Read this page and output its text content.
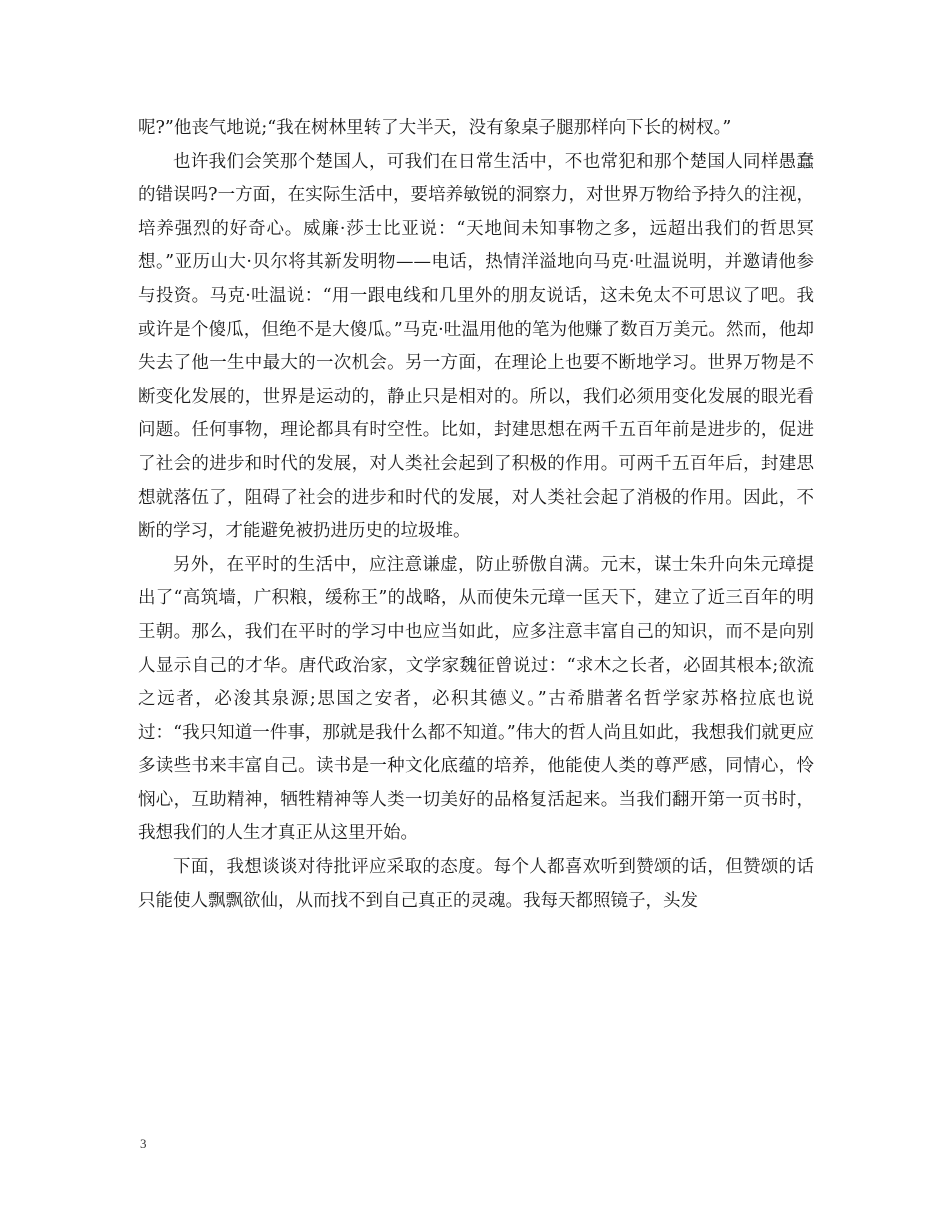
呢?”他丧气地说;“我在树林里转了大半天，没有象桌子腿那样向下长的树杈。”

也许我们会笑那个楚国人，可我们在日常生活中，不也常犯和那个楚国人同样愚蠢的错误吗?一方面，在实际生活中，要培养敏锐的洞察力，对世界万物给予持久的注视，培养强烈的好奇心。威廉·莎士比亚说：“天地间未知事物之多，远超出我们的哲思冥想。”亚历山大·贝尔将其新发明物——电话，热情洋溢地向马克·吐温说明，并邀请他参与投资。马克·吐温说：“用一跟电线和几里外的朋友说话，这未免太不可思议了吧。我或许是个傻瓜，但绝不是大傻瓜。”马克·吐温用他的笔为他赚了数百万美元。然而，他却失去了他一生中最大的一次机会。另一方面，在理论上也要不断地学习。世界万物是不断变化发展的，世界是运动的，静止只是相对的。所以，我们必须用变化发展的眼光看问题。任何事物，理论都具有时空性。比如，封建思想在两千五百年前是进步的，促进了社会的进步和时代的发展，对人类社会起到了积极的作用。可两千五百年后，封建思想就落伍了，阻碍了社会的进步和时代的发展，对人类社会起了消极的作用。因此，不断的学习，才能避免被扔进历史的垃圾堆。

另外，在平时的生活中，应注意谦虚，防止骄傲自满。元末，谋士朱升向朱元璋提出了“高筑墙，广积粮，缓称王”的战略，从而使朱元璋一匡天下，建立了近三百年的明王朝。那么，我们在平时的学习中也应当如此，应多注意丰富自己的知识，而不是向别人显示自己的才华。唐代政治家，文学家魏征曾说过：“求木之长者，必固其根本;欲流之远者，必浚其泉源;思国之安者，必积其德义。”古希腊著名哲学家苏格拉底也说过：“我只知道一件事，那就是我什么都不知道。”伟大的哲人尚且如此，我想我们就更应多读些书来丰富自己。读书是一种文化底蕴的培养，他能使人类的尊严感，同情心，怜悯心，互助精神，牺牲精神等人类一切美好的品格复活起来。当我们翻开第一页书时，我想我们的人生才真正从这里开始。

下面，我想谈谈对待批评应采取的态度。每个人都喜欢听到赞颂的话，但赞颂的话只能使人飘飘欲仙，从而找不到自己真正的灵魂。我每天都照镜子，头发

3
